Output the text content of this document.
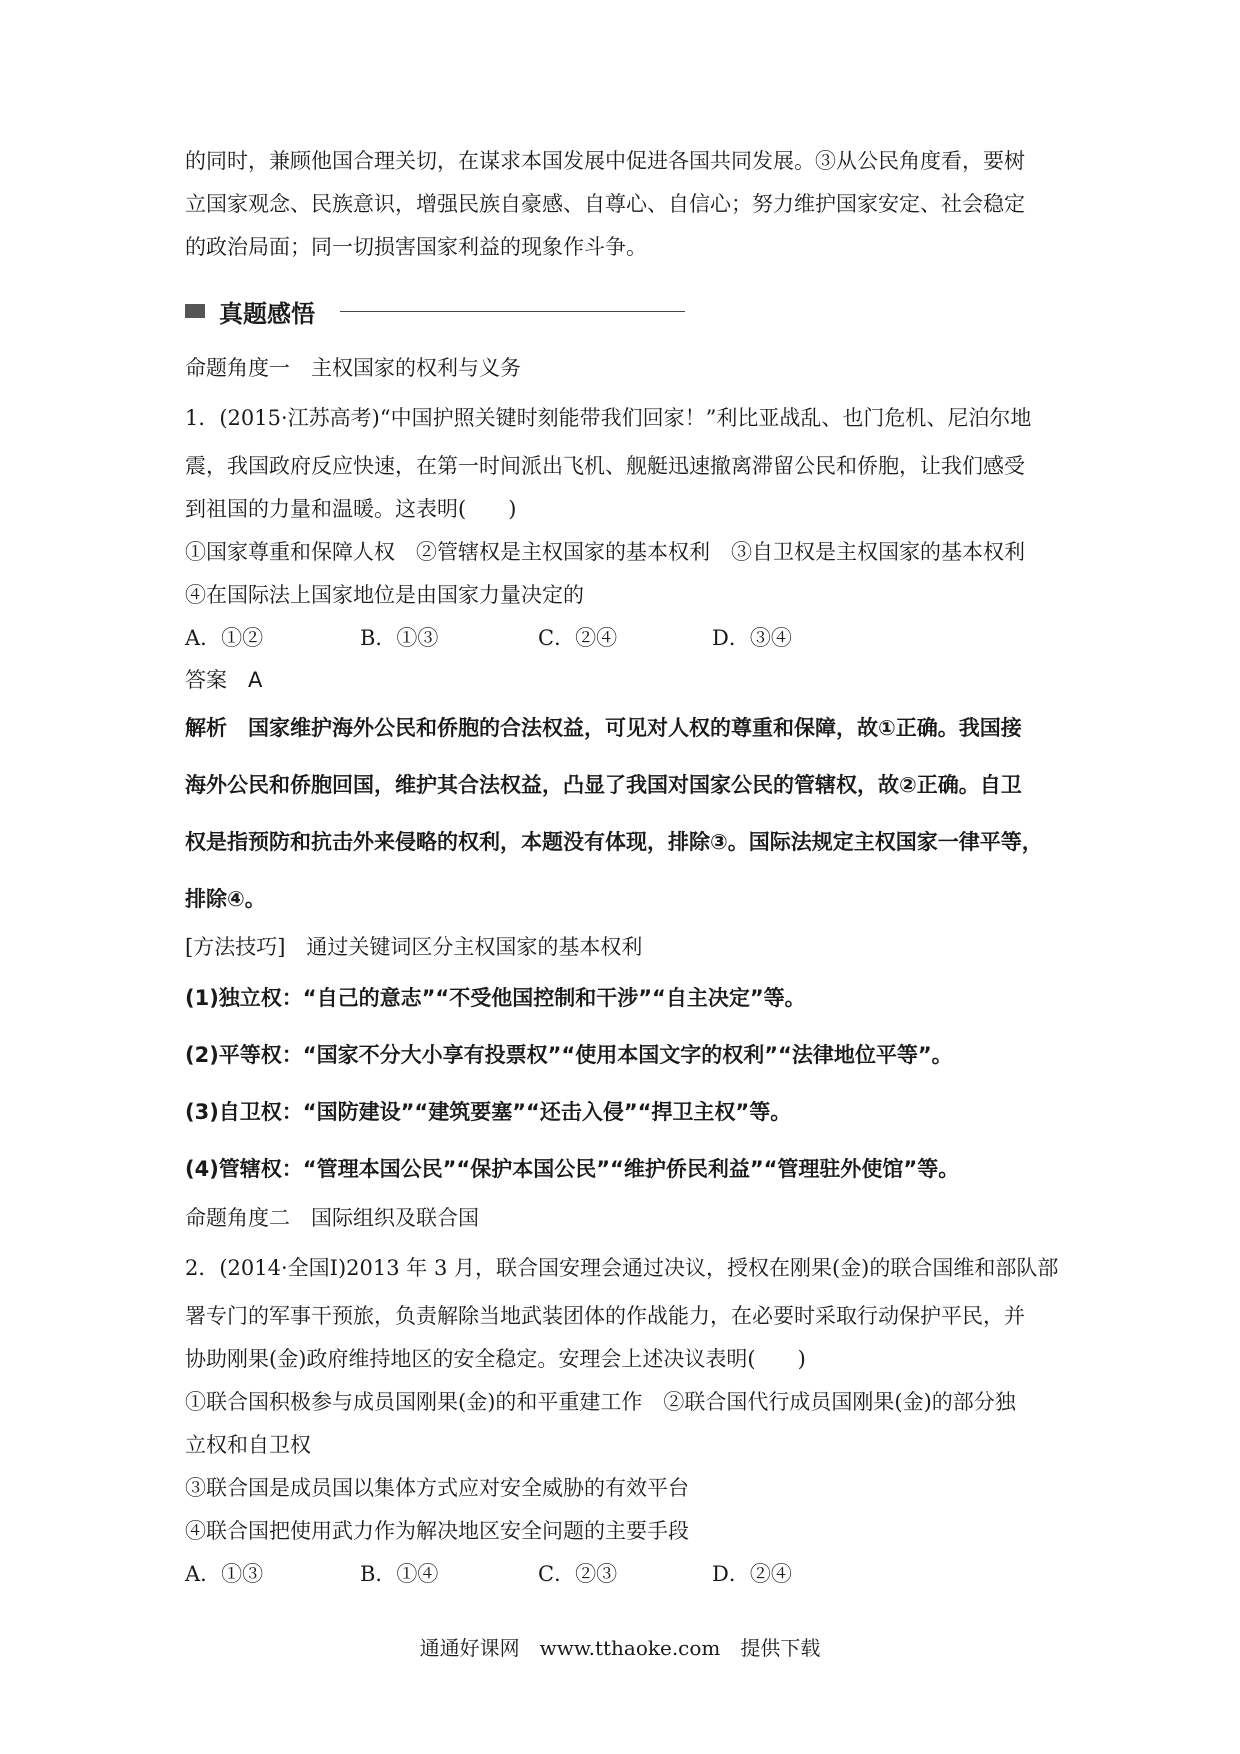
的同时，兼顾他国合理关切，在谋求本国发展中促进各国共同发展。③从公民角度看，要树
立国家观念、民族意识，增强民族自豪感、自尊心、自信心；努力维护国家安定、社会稳定
的政治局面；同一切损害国家利益的现象作斗争。
真题感悟
命题角度一　主权国家的权利与义务
1．(2015·江苏高考)“中国护照关键时刻能带我们回家！”利比亚战乱、也门危机、尼泊尔地
震，我国政府反应快速，在第一时间派出飞机、舰艇迅速撤离滞留公民和侨胞，让我们感受
到祖国的力量和温暖。这表明(　　)
①国家尊重和保障人权　②管辖权是主权国家的基本权利　③自卫权是主权国家的基本权利
④在国际法上国家地位是由国家力量决定的
A．①②	B．①③	C．②④	D．③④
答案　A
解析　国家维护海外公民和侨胞的合法权益，可见对人权的尊重和保障，故①正确。我国接
海外公民和侨胞回国，维护其合法权益，凸显了我国对国家公民的管辖权，故②正确。自卫
权是指预防和抗击外来侵略的权利，本题没有体现，排除③。国际法规定主权国家一律平等，
排除④。
[方法技巧]　通过关键词区分主权国家的基本权利
(1)独立权：“自己的意志”“不受他国控制和干涉”“自主决定”等。
(2)平等权：“国家不分大小享有投票权”“使用本国文字的权利”“法律地位平等”。
(3)自卫权：“国防建设”“建筑要塞”“还击入侵”“捍卫主权”等。
(4)管辖权：“管理本国公民”“保护本国公民”“维护侨民利益”“管理驻外使馆”等。
命题角度二　国际组织及联合国
2．(2014·全国Ⅰ)2013 年 3 月，联合国安理会通过决议，授权在刚果(金)的联合国维和部队部
署专门的军事干预旅，负责解除当地武装团体的作战能力，在必要时采取行动保护平民，并
协助刚果(金)政府维持地区的安全稳定。安理会上述决议表明(　　)
①联合国积极参与成员国刚果(金)的和平重建工作　②联合国代行成员国刚果(金)的部分独
立权和自卫权
③联合国是成员国以集体方式应对安全威胁的有效平台
④联合国把使用武力作为解决地区安全问题的主要手段
A．①③	B．①④	C．②③	D．②④
通通好课网　www.tthaoke.com　提供下载
